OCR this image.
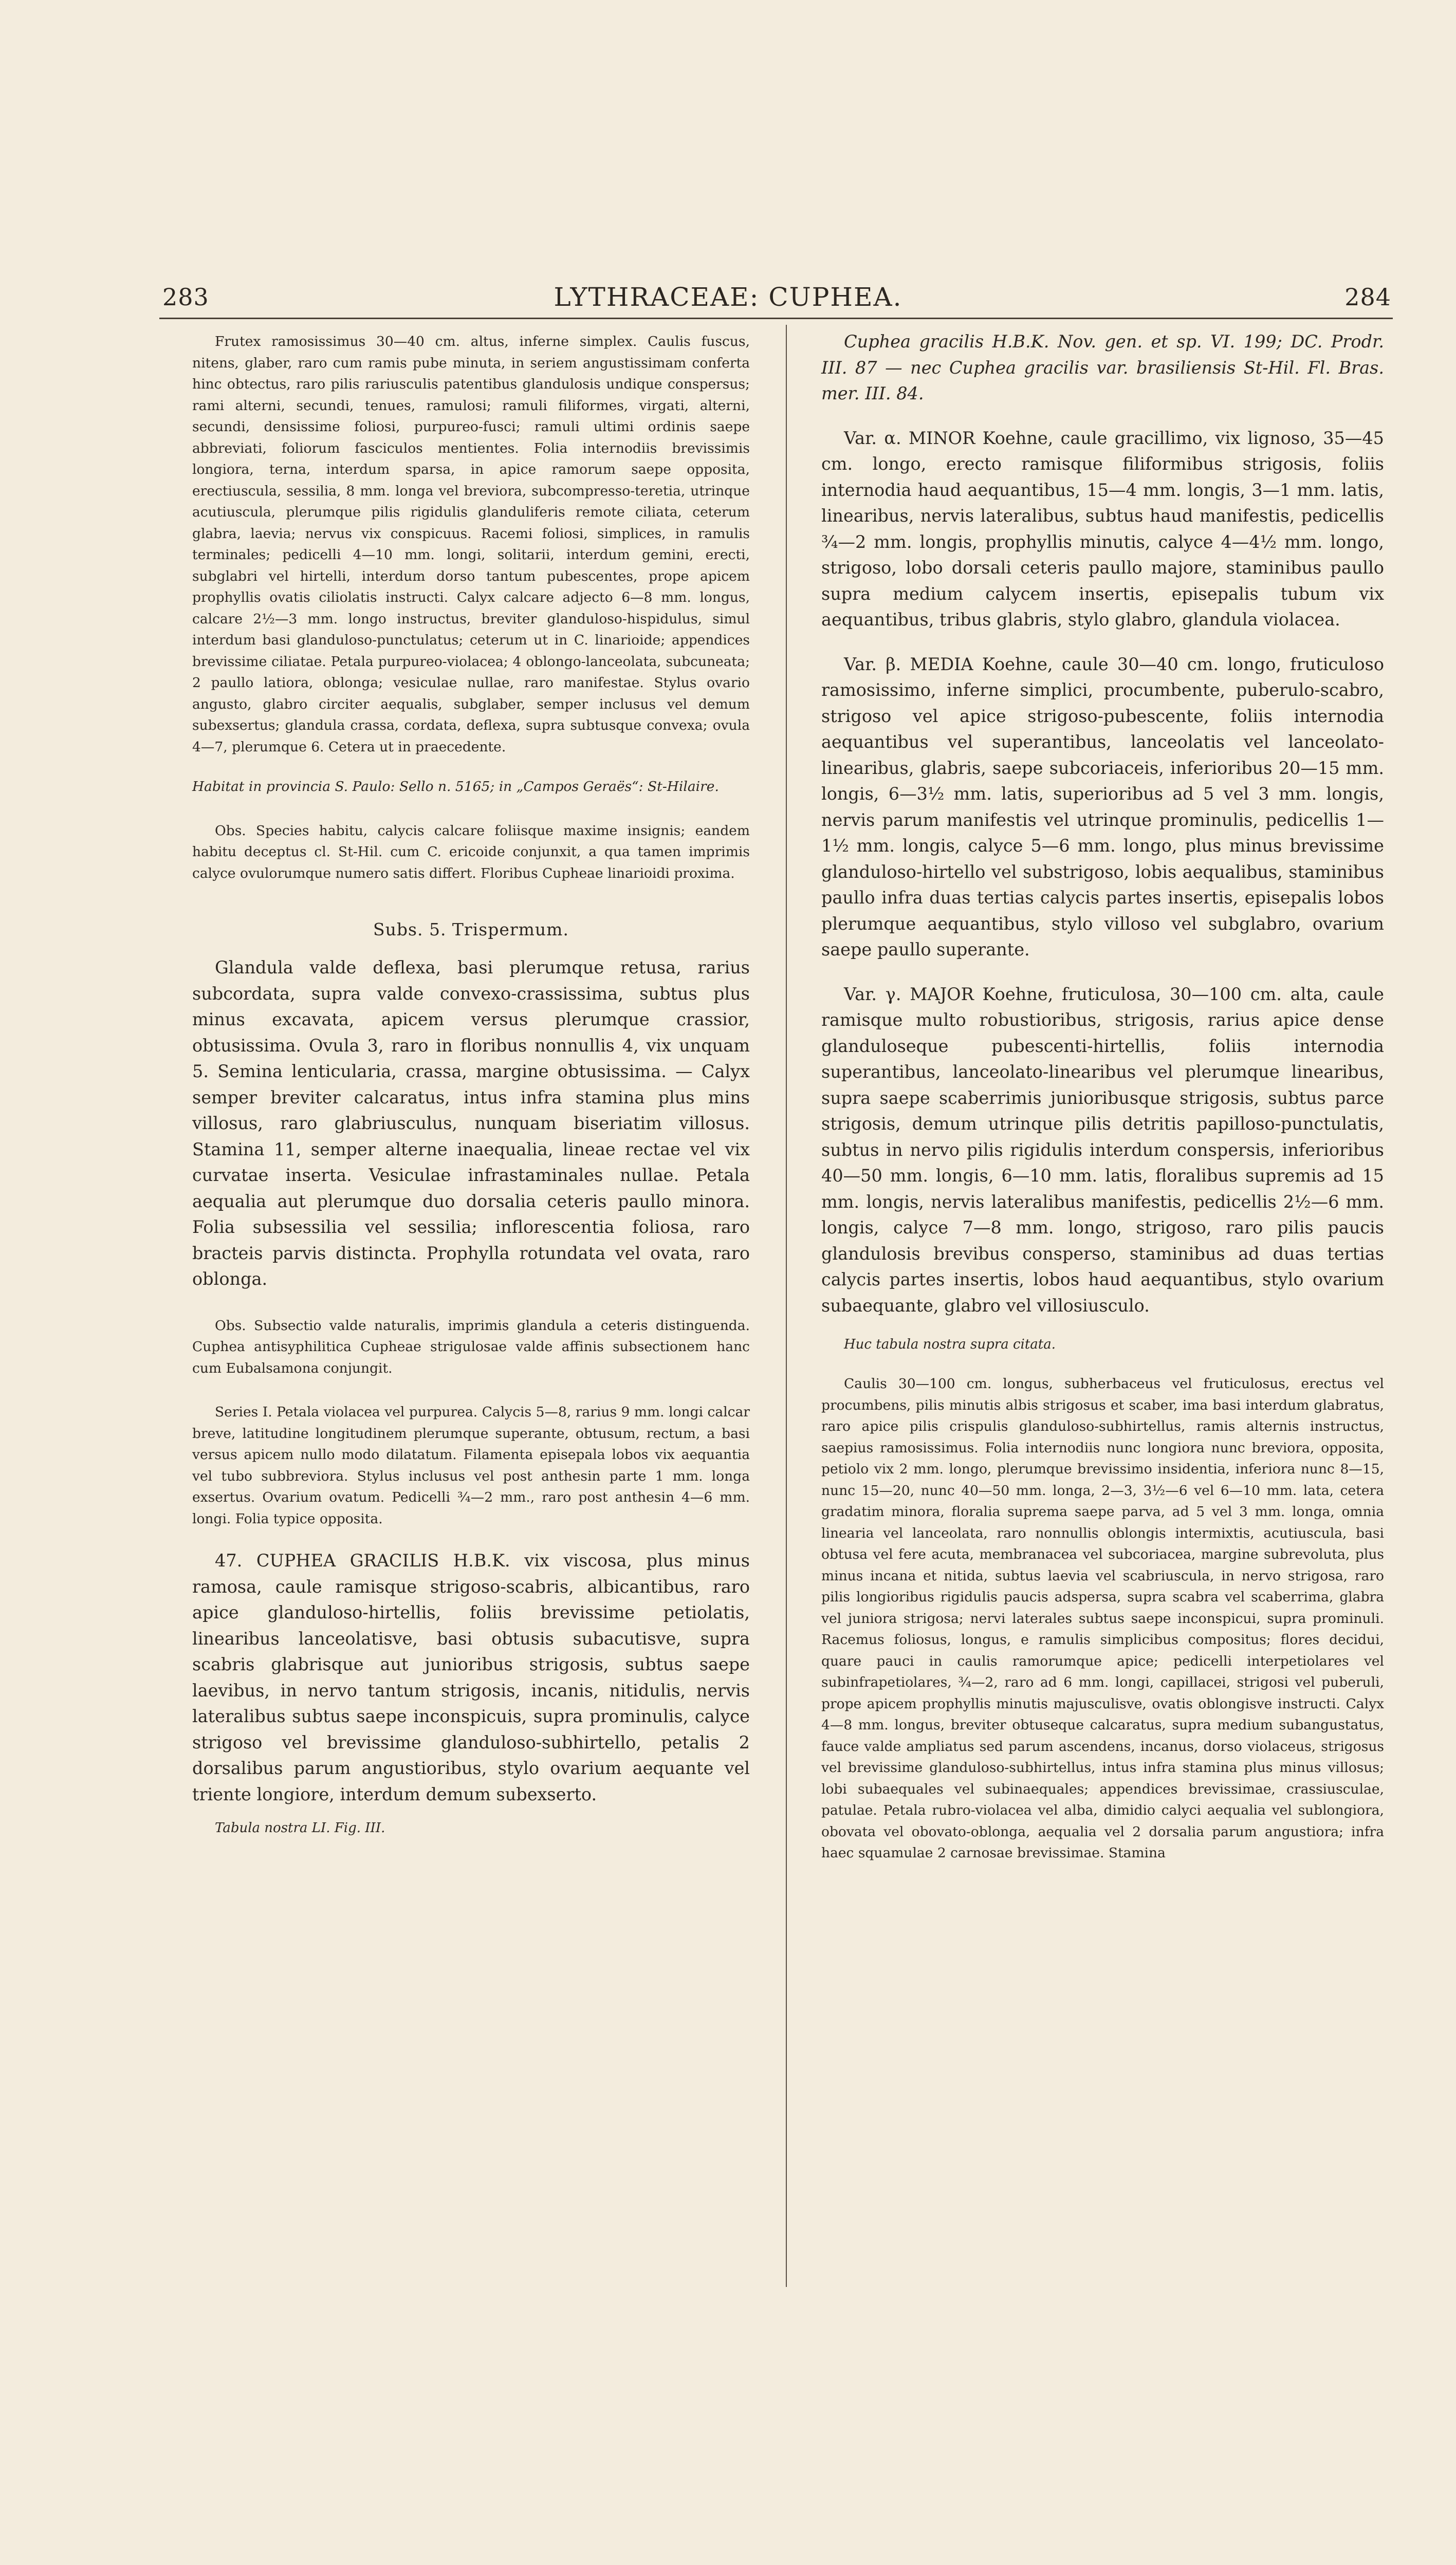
283	LYTHRACEAE: CUPHEA.	284

Frutex ramosissimus 30—40 cm. altus, inferne simplex. Caulis fuscus, nitens, glaber, raro cum ramis pube minuta, in seriem angustissimam conferta hinc obtectus, raro pilis rariusculis patentibus glandulosis undique conspersus; rami alterni, secundi, tenues, ramulosi; ramuli filiformes, virgati, alterni, secundi, densissime foliosi, purpureo-fusci; ramuli ultimi ordinis saepe abbreviati, foliorum fasciculos mentientes. Folia internodiis brevissimis longiora, terna, interdum sparsa, in apice ramorum saepe opposita, erectiuscula, sessilia, 8 mm. longa vel breviora, subcompresso-teretia, utrinque acutiuscula, plerumque pilis rigidulis glanduliferis remote ciliata, ceterum glabra, laevia; nervus vix conspicuus. Racemi foliosi, simplices, in ramulis terminales; pedicelli 4—10 mm. longi, solitarii, interdum gemini, erecti, subglabri vel hirtelli, interdum dorso tantum pubescentes, prope apicem prophyllis ovatis ciliolatis instructi. Calyx calcare adjecto 6—8 mm. longus, calcare 2½—3 mm. longo instructus, breviter glanduloso-hispidulus, simul interdum basi glanduloso-punctulatus; ceterum ut in C. linarioide; appendices brevissime ciliatae. Petala purpureo-violacea; 4 oblongo-lanceolata, subcuneata; 2 paullo latiora, oblonga; vesiculae nullae, raro manifestae. Stylus ovario angusto, glabro circiter aequalis, subglaber, semper inclusus vel demum subexsertus; glandula crassa, cordata, deflexa, supra subtusque convexa; ovula 4—7, plerumque 6. Cetera ut in praecedente.

Habitat in provincia S. Paulo: Sello n. 5165; in „Campos Geraës“: St-Hilaire.

Obs. Species habitu, calycis calcare foliisque maxime insignis; eandem habitu deceptus cl. St-Hil. cum C. ericoide conjunxit, a qua tamen imprimis calyce ovulorumque numero satis differt. Floribus Cupheae linarioidi proxima.

Subs. 5. Trispermum.

Glandula valde deflexa, basi plerumque retusa, rarius subcordata, supra valde convexo-crassissima, subtus plus minus excavata, apicem versus plerumque crassior, obtusissima. Ovula 3, raro in floribus nonnullis 4, vix unquam 5. Semina lenticularia, crassa, margine obtusissima. — Calyx semper breviter calcaratus, intus infra stamina plus mins villosus, raro glabriusculus, nunquam biseriatim villosus. Stamina 11, semper alterne inaequalia, lineae rectae vel vix curvatae inserta. Vesiculae infrastaminales nullae. Petala aequalia aut plerumque duo dorsalia ceteris paullo minora. Folia subsessilia vel sessilia; inflorescentia foliosa, raro bracteis parvis distincta. Prophylla rotundata vel ovata, raro oblonga.

Obs. Subsectio valde naturalis, imprimis glandula a ceteris distinguenda. Cuphea antisyphilitica Cupheae strigulosae valde affinis subsectionem hanc cum Eubalsamona conjungit.

Series I. Petala violacea vel purpurea. Calycis 5—8, rarius 9 mm. longi calcar breve, latitudine longitudinem plerumque superante, obtusum, rectum, a basi versus apicem nullo modo dilatatum. Filamenta episepala lobos vix aequantia vel tubo subbreviora. Stylus inclusus vel post anthesin parte 1 mm. longa exsertus. Ovarium ovatum. Pedicelli ¾—2 mm., raro post anthesin 4—6 mm. longi. Folia typice opposita.

47. CUPHEA GRACILIS H.B.K. vix viscosa, plus minus ramosa, caule ramisque strigoso-scabris, albicantibus, raro apice glanduloso-hirtellis, foliis brevissime petiolatis, linearibus lanceolatisve, basi obtusis subacutisve, supra scabris glabrisque aut junioribus strigosis, subtus saepe laevibus, in nervo tantum strigosis, incanis, nitidulis, nervis lateralibus subtus saepe inconspicuis, supra prominulis, calyce strigoso vel brevissime glanduloso-subhirtello, petalis 2 dorsalibus parum angustioribus, stylo ovarium aequante vel triente longiore, interdum demum subexserto.

Tabula nostra LI. Fig. III.

Cuphea gracilis H.B.K. Nov. gen. et sp. VI. 199; DC. Prodr. III. 87 — nec Cuphea gracilis var. brasiliensis St-Hil. Fl. Bras. mer. III. 84.

Var. α. MINOR Koehne, caule gracillimo, vix lignoso, 35—45 cm. longo, erecto ramisque filiformibus strigosis, foliis internodia haud aequantibus, 15—4 mm. longis, 3—1 mm. latis, linearibus, nervis lateralibus, subtus haud manifestis, pedicellis ¾—2 mm. longis, prophyllis minutis, calyce 4—4½ mm. longo, strigoso, lobo dorsali ceteris paullo majore, staminibus paullo supra medium calycem insertis, episepalis tubum vix aequantibus, tribus glabris, stylo glabro, glandula violacea.

Var. β. MEDIA Koehne, caule 30—40 cm. longo, fruticuloso ramosissimo, inferne simplici, procumbente, puberulo-scabro, strigoso vel apice strigoso-pubescente, foliis internodia aequantibus vel superantibus, lanceolatis vel lanceolato-linearibus, glabris, saepe subcoriaceis, inferioribus 20—15 mm. longis, 6—3½ mm. latis, superioribus ad 5 vel 3 mm. longis, nervis parum manifestis vel utrinque prominulis, pedicellis 1—1½ mm. longis, calyce 5—6 mm. longo, plus minus brevissime glanduloso-hirtello vel substrigoso, lobis aequalibus, staminibus paullo infra duas tertias calycis partes insertis, episepalis lobos plerumque aequantibus, stylo villoso vel subglabro, ovarium saepe paullo superante.

Var. γ. MAJOR Koehne, fruticulosa, 30—100 cm. alta, caule ramisque multo robustioribus, strigosis, rarius apice dense glanduloseque pubescenti-hirtellis, foliis internodia superantibus, lanceolato-linearibus vel plerumque linearibus, supra saepe scaberrimis junioribusque strigosis, subtus parce strigosis, demum utrinque pilis detritis papilloso-punctulatis, subtus in nervo pilis rigidulis interdum conspersis, inferioribus 40—50 mm. longis, 6—10 mm. latis, floralibus supremis ad 15 mm. longis, nervis lateralibus manifestis, pedicellis 2½—6 mm. longis, calyce 7—8 mm. longo, strigoso, raro pilis paucis glandulosis brevibus consperso, staminibus ad duas tertias calycis partes insertis, lobos haud aequantibus, stylo ovarium subaequante, glabro vel villosiusculo.

Huc tabula nostra supra citata.

Caulis 30—100 cm. longus, subherbaceus vel fruticulosus, erectus vel procumbens, pilis minutis albis strigosus et scaber, ima basi interdum glabratus, raro apice pilis crispulis glanduloso-subhirtellus, ramis alternis instructus, saepius ramosissimus. Folia internodiis nunc longiora nunc breviora, opposita, petiolo vix 2 mm. longo, plerumque brevissimo insidentia, inferiora nunc 8—15, nunc 15—20, nunc 40—50 mm. longa, 2—3, 3½—6 vel 6—10 mm. lata, cetera gradatim minora, floralia suprema saepe parva, ad 5 vel 3 mm. longa, omnia linearia vel lanceolata, raro nonnullis oblongis intermixtis, acutiuscula, basi obtusa vel fere acuta, membranacea vel subcoriacea, margine subrevoluta, plus minus incana et nitida, subtus laevia vel scabriuscula, in nervo strigosa, raro pilis longioribus rigidulis paucis adspersa, supra scabra vel scaberrima, glabra vel juniora strigosa; nervi laterales subtus saepe inconspicui, supra prominuli. Racemus foliosus, longus, e ramulis simplicibus compositus; flores decidui, quare pauci in caulis ramorumque apice; pedicelli interpetiolares vel subinfrapetiolares, ¾—2, raro ad 6 mm. longi, capillacei, strigosi vel puberuli, prope apicem prophyllis minutis majusculisve, ovatis oblongisve instructi. Calyx 4—8 mm. longus, breviter obtuseque calcaratus, supra medium subangustatus, fauce valde ampliatus sed parum ascendens, incanus, dorso violaceus, strigosus vel brevissime glanduloso-subhirtellus, intus infra stamina plus minus villosus; lobi subaequales vel subinaequales; appendices brevissimae, crassiusculae, patulae. Petala rubro-violacea vel alba, dimidio calyci aequalia vel sublongiora, obovata vel obovato-oblonga, aequalia vel 2 dorsalia parum angustiora; infra haec squamulae 2 carnosae brevissimae. Stamina
